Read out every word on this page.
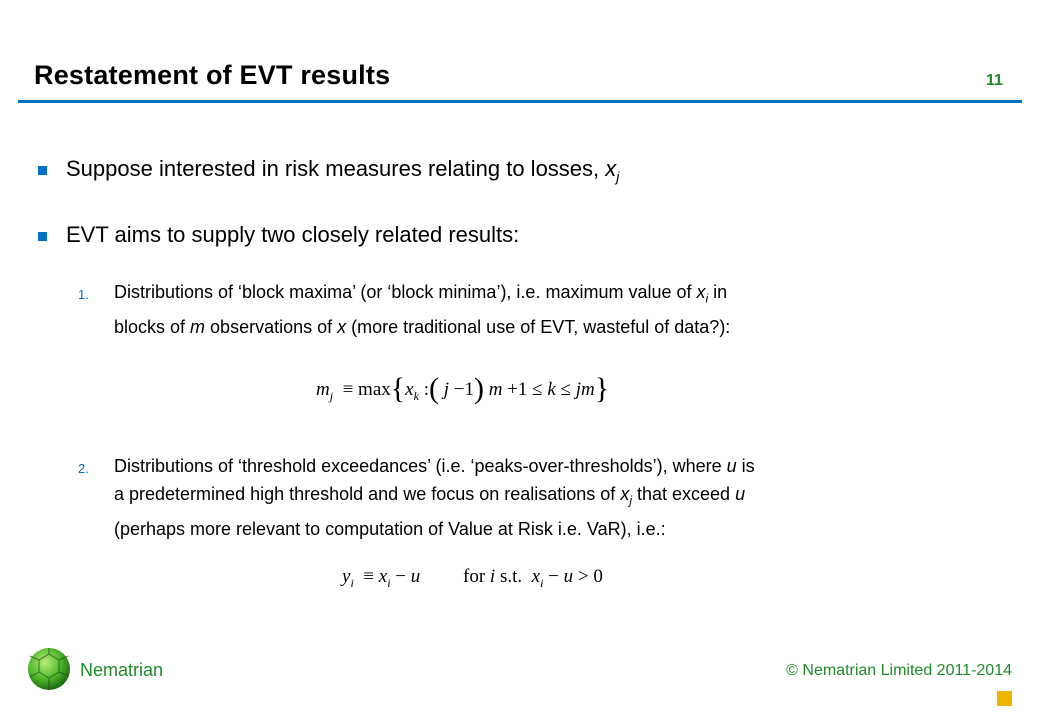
Restatement of EVT results	11
Suppose interested in risk measures relating to losses, $x_j$
EVT aims to supply two closely related results:
1. Distributions of ‘block maxima’ (or ‘block minima’), i.e. maximum value of $x_i$ in
blocks of m observations of x (more traditional use of EVT, wasteful of data?):
$m_j \equiv \max\{x_k$ :( j −1) m +1 ≤ k ≤ jm}
2. Distributions of ‘threshold exceedances’ (i.e. ‘peaks-over-thresholds’), where u is
a predetermined high threshold and we focus on realisations of $x_j$ that exceed u
(perhaps more relevant to computation of Value at Risk i.e. VaR), i.e.:
$y_i \equiv x_i - u$ for i s.t. $x_i - u > 0$
Nematrian	© Nematrian Limited 2011-2014
